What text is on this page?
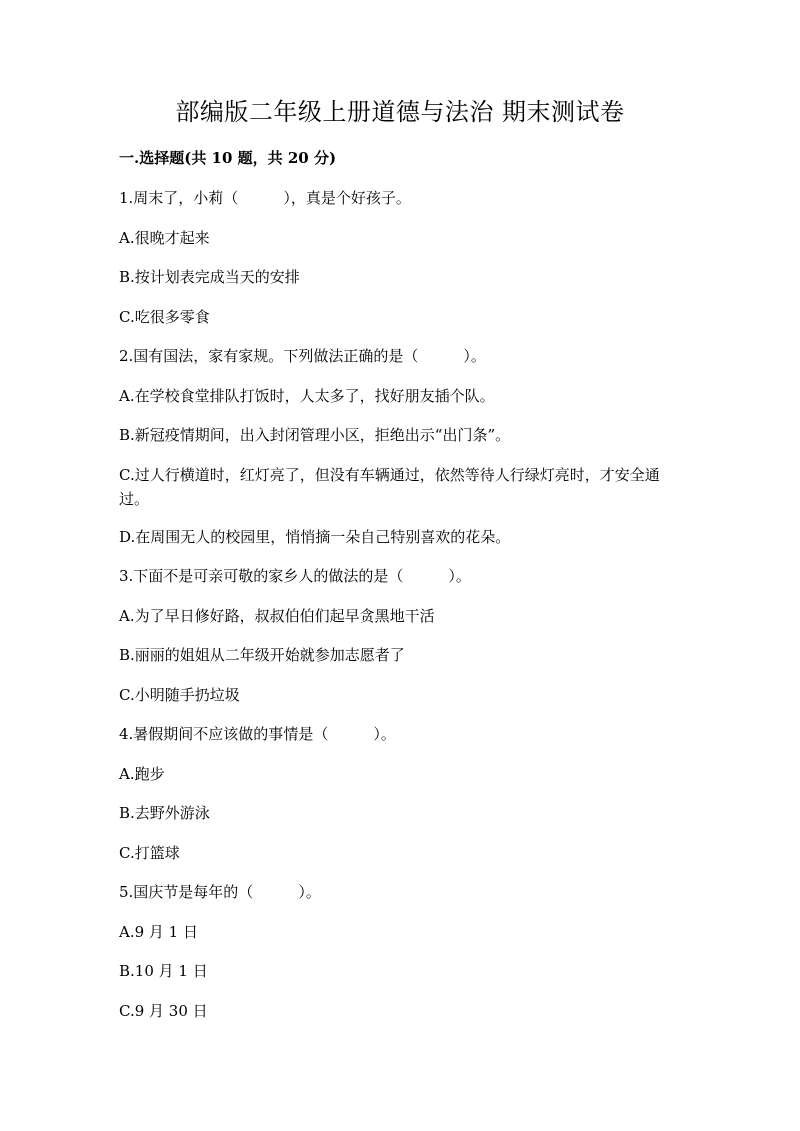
部编版二年级上册道德与法治 期末测试卷
一.选择题(共 10 题，共 20 分)
1.周末了，小莉（　　　），真是个好孩子。
A.很晚才起来
B.按计划表完成当天的安排
C.吃很多零食
2.国有国法，家有家规。下列做法正确的是（　　　）。
A.在学校食堂排队打饭时，人太多了，找好朋友插个队。
B.新冠疫情期间，出入封闭管理小区，拒绝出示“出门条”。
C.过人行横道时，红灯亮了，但没有车辆通过，依然等待人行绿灯亮时，才安全通过。
D.在周围无人的校园里，悄悄摘一朵自己特别喜欢的花朵。
3.下面不是可亲可敬的家乡人的做法的是（　　　）。
A.为了早日修好路，叔叔伯伯们起早贪黑地干活
B.丽丽的姐姐从二年级开始就参加志愿者了
C.小明随手扔垃圾
4.暑假期间不应该做的事情是（　　　）。
A.跑步
B.去野外游泳
C.打篮球
5.国庆节是每年的（　　　）。
A.9 月 1 日
B.10 月 1 日
C.9 月 30 日
